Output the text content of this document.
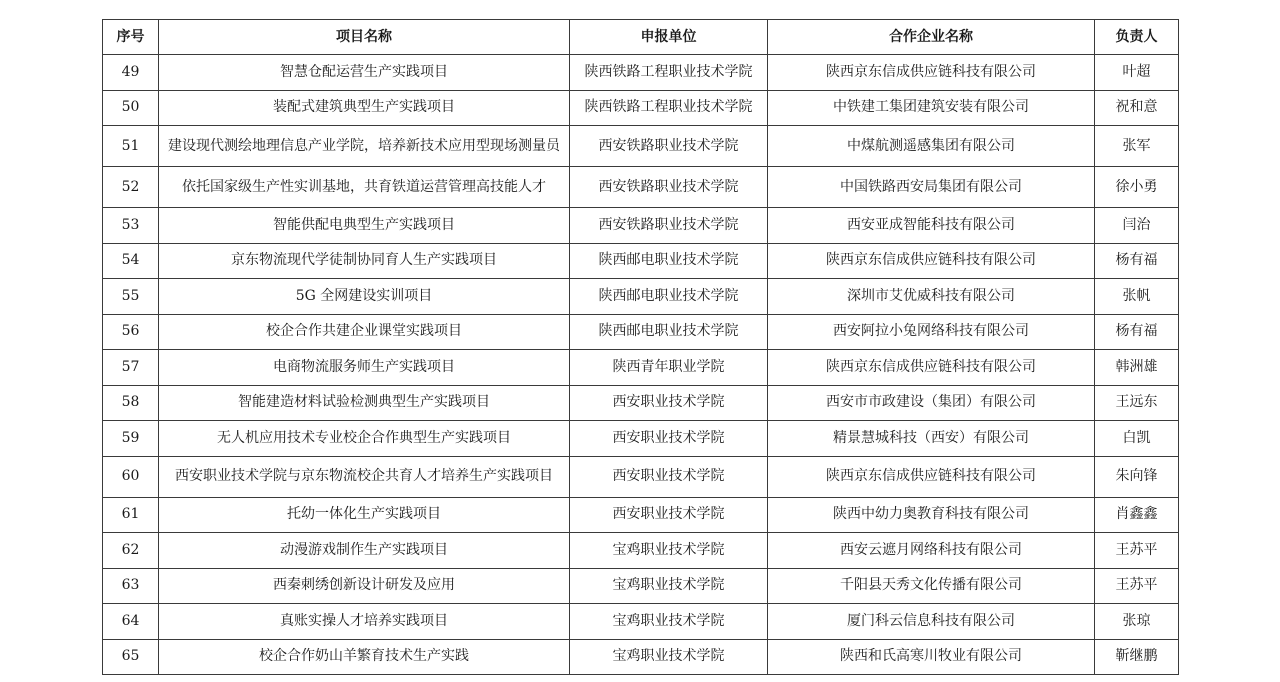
序号	项目名称	申报单位	合作企业名称	负责人
49	智慧仓配运营生产实践项目	陕西铁路工程职业技术学院	陕西京东信成供应链科技有限公司	叶超
50	装配式建筑典型生产实践项目	陕西铁路工程职业技术学院	中铁建工集团建筑安装有限公司	祝和意
51	建设现代测绘地理信息产业学院，培养新技术应用型现场测量员	西安铁路职业技术学院	中煤航测遥感集团有限公司	张军
52	依托国家级生产性实训基地，共育铁道运营管理高技能人才	西安铁路职业技术学院	中国铁路西安局集团有限公司	徐小勇
53	智能供配电典型生产实践项目	西安铁路职业技术学院	西安亚成智能科技有限公司	闫治
54	京东物流现代学徒制协同育人生产实践项目	陕西邮电职业技术学院	陕西京东信成供应链科技有限公司	杨有福
55	5G 全网建设实训项目	陕西邮电职业技术学院	深圳市艾优威科技有限公司	张帆
56	校企合作共建企业课堂实践项目	陕西邮电职业技术学院	西安阿拉小兔网络科技有限公司	杨有福
57	电商物流服务师生产实践项目	陕西青年职业学院	陕西京东信成供应链科技有限公司	韩洲雄
58	智能建造材料试验检测典型生产实践项目	西安职业技术学院	西安市市政建设（集团）有限公司	王远东
59	无人机应用技术专业校企合作典型生产实践项目	西安职业技术学院	精景慧城科技（西安）有限公司	白凯
60	西安职业技术学院与京东物流校企共育人才培养生产实践项目	西安职业技术学院	陕西京东信成供应链科技有限公司	朱向锋
61	托幼一体化生产实践项目	西安职业技术学院	陕西中幼力奥教育科技有限公司	肖鑫鑫
62	动漫游戏制作生产实践项目	宝鸡职业技术学院	西安云遮月网络科技有限公司	王苏平
63	西秦刺绣创新设计研发及应用	宝鸡职业技术学院	千阳县天秀文化传播有限公司	王苏平
64	真账实操人才培养实践项目	宝鸡职业技术学院	厦门科云信息科技有限公司	张琼
65	校企合作奶山羊繁育技术生产实践	宝鸡职业技术学院	陕西和氏高寒川牧业有限公司	靳继鹏
